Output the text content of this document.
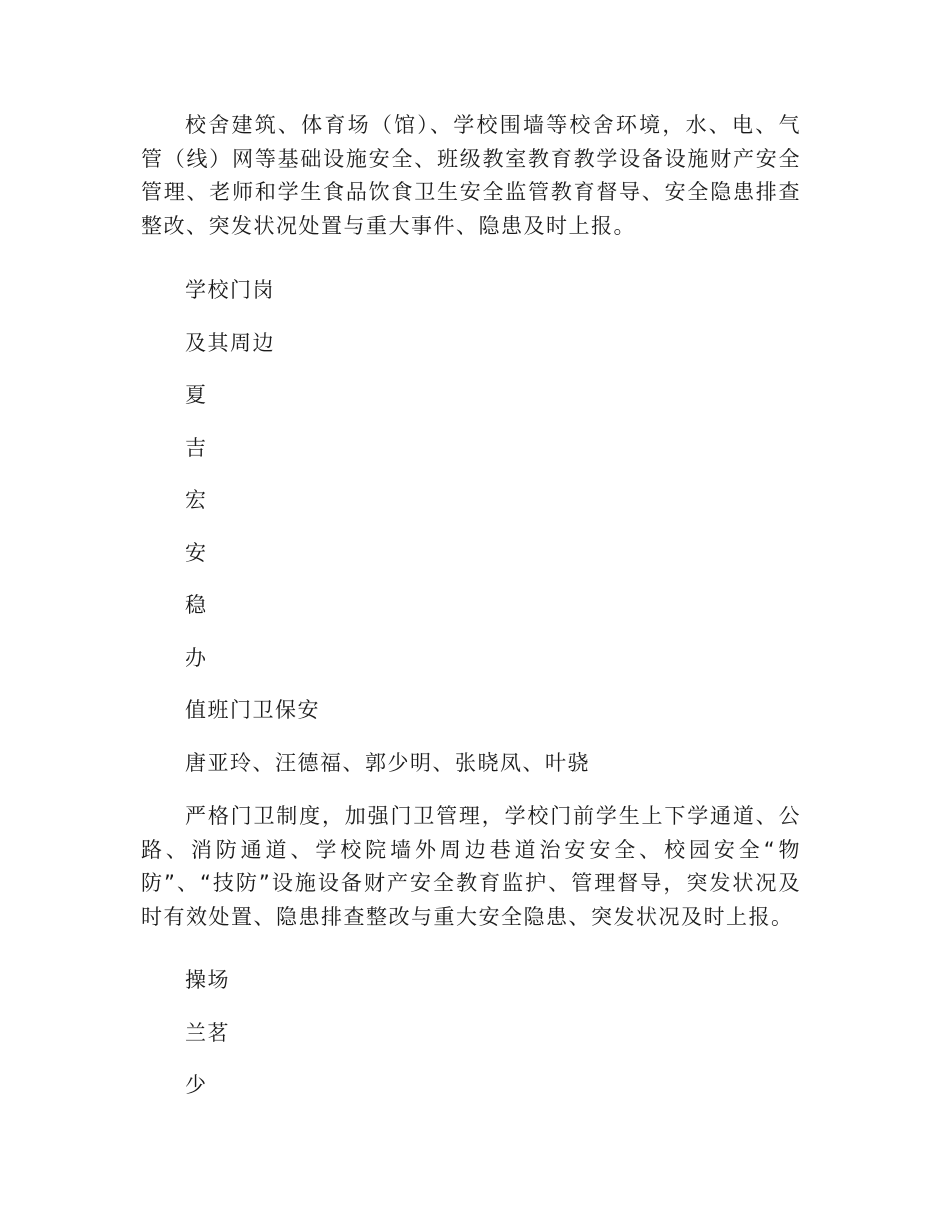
校舍建筑、体育场（馆）、学校围墙等校舍环境，水、电、气管（线）网等基础设施安全、班级教室教育教学设备设施财产安全管理、老师和学生食品饮食卫生安全监管教育督导、安全隐患排查整改、突发状况处置与重大事件、隐患及时上报。

学校门岗

及其周边

夏

吉

宏

安

稳

办

值班门卫保安

唐亚玲、汪德福、郭少明、张晓凤、叶骁

严格门卫制度，加强门卫管理，学校门前学生上下学通道、公路、消防通道、学校院墙外周边巷道治安安全、校园安全“物防”、“技防”设施设备财产安全教育监护、管理督导，突发状况及时有效处置、隐患排查整改与重大安全隐患、突发状况及时上报。

操场

兰茗

少
